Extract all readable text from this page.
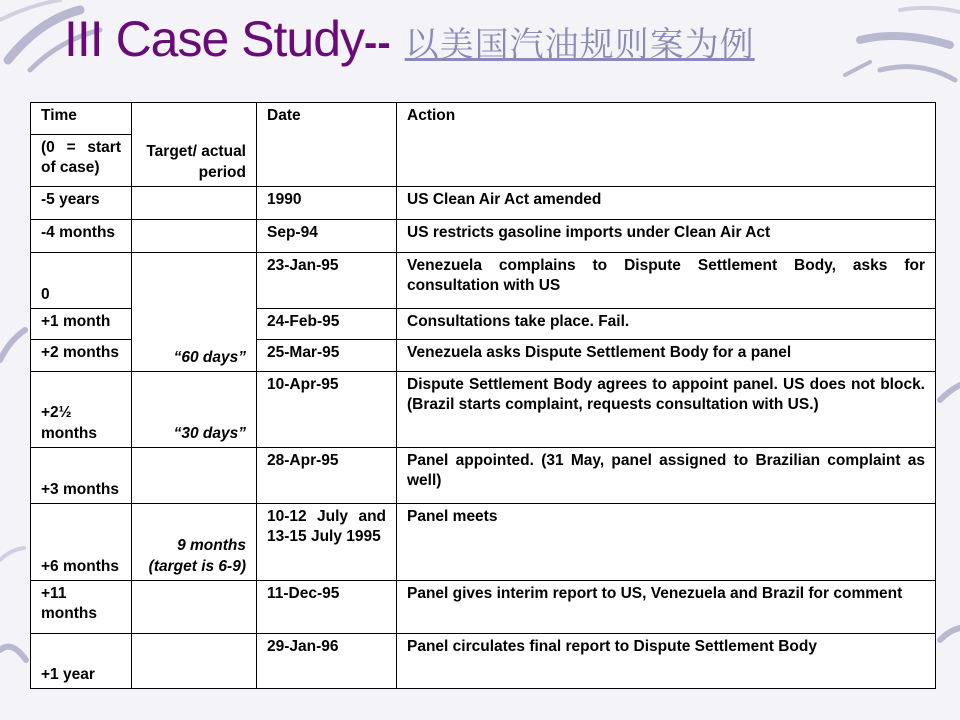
III Case Study-- 以美国汽油规则案为例
Time	Target/ actual period	Date	Action
(0 = start of case)			
-5 years		1990	US Clean Air Act amended
-4 months		Sep-94	US restricts gasoline imports under Clean Air Act
0	“60 days”	23-Jan-95	Venezuela complains to Dispute Settlement Body, asks for consultation with US
+1 month		24-Feb-95	Consultations take place. Fail.
+2 months		25-Mar-95	Venezuela asks Dispute Settlement Body for a panel
+2½ months	“30 days”	10-Apr-95	Dispute Settlement Body agrees to appoint panel. US does not block. (Brazil starts complaint, requests consultation with US.)
+3 months		28-Apr-95	Panel appointed. (31 May, panel assigned to Brazilian complaint as well)
+6 months	9 months (target is 6-9)	10-12 July and 13-15 July 1995	Panel meets
+11 months		11-Dec-95	Panel gives interim report to US, Venezuela and Brazil for comment
+1 year		29-Jan-96	Panel circulates final report to Dispute Settlement Body
